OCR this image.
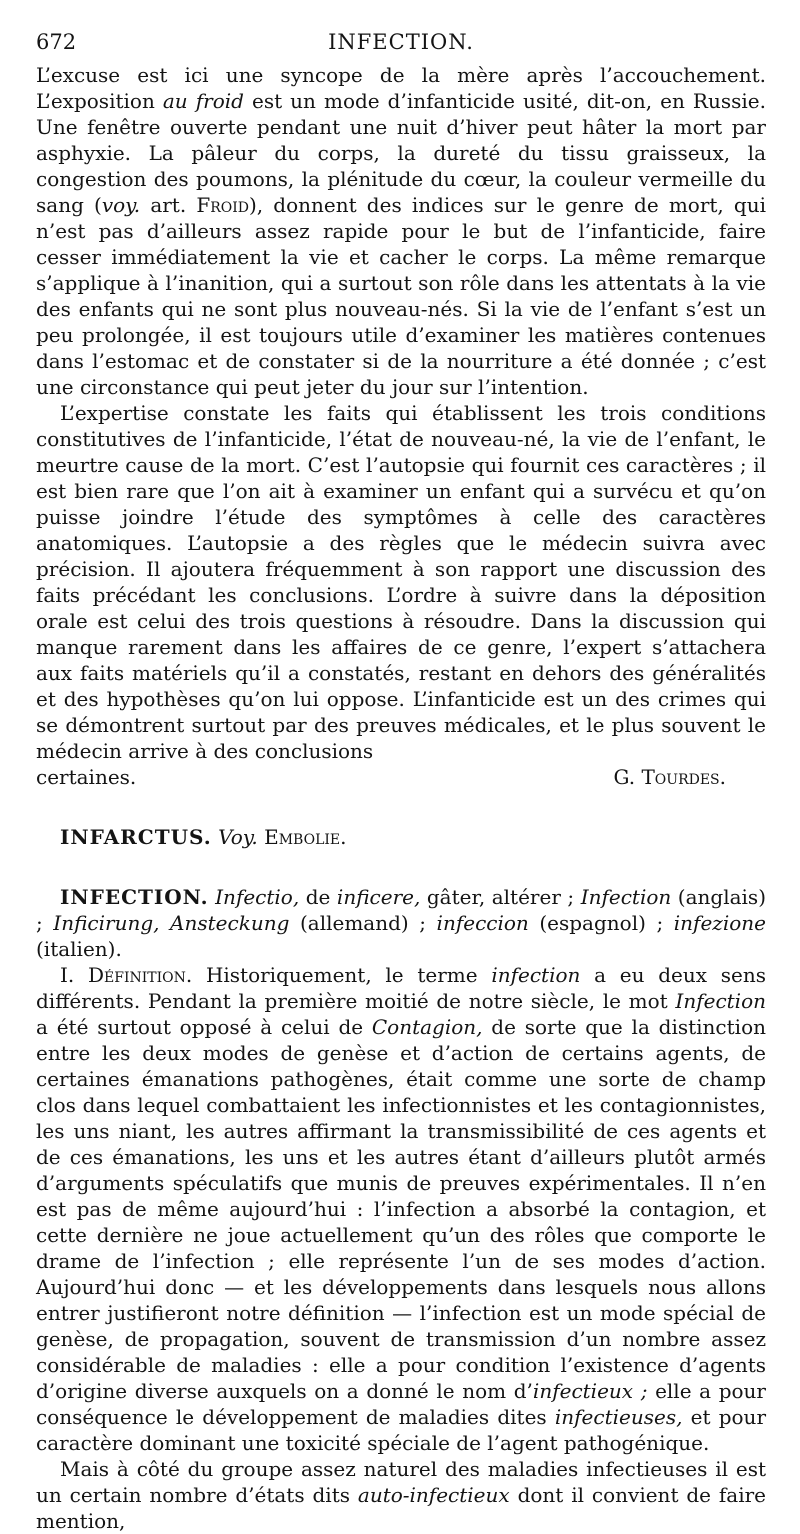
672	INFECTION.

L’excuse est ici une syncope de la mère après l’accouchement. L’exposition au froid est un mode d’infanticide usité, dit-on, en Russie. Une fenêtre ouverte pendant une nuit d’hiver peut hâter la mort par asphyxie. La pâleur du corps, la dureté du tissu graisseux, la congestion des poumons, la plénitude du cœur, la couleur vermeille du sang (voy. art. Froid), donnent des indices sur le genre de mort, qui n’est pas d’ailleurs assez rapide pour le but de l’infanticide, faire cesser immédiatement la vie et cacher le corps. La même remarque s’applique à l’inanition, qui a surtout son rôle dans les attentats à la vie des enfants qui ne sont plus nouveau-nés. Si la vie de l’enfant s’est un peu prolongée, il est toujours utile d’examiner les matières contenues dans l’estomac et de constater si de la nourriture a été donnée ; c’est une circonstance qui peut jeter du jour sur l’intention.

L’expertise constate les faits qui établissent les trois conditions constitutives de l’infanticide, l’état de nouveau-né, la vie de l’enfant, le meurtre cause de la mort. C’est l’autopsie qui fournit ces caractères ; il est bien rare que l’on ait à examiner un enfant qui a survécu et qu’on puisse joindre l’étude des symptômes à celle des caractères anatomiques. L’autopsie a des règles que le médecin suivra avec précision. Il ajoutera fréquemment à son rapport une discussion des faits précédant les conclusions. L’ordre à suivre dans la déposition orale est celui des trois questions à résoudre. Dans la discussion qui manque rarement dans les affaires de ce genre, l’expert s’attachera aux faits matériels qu’il a constatés, restant en dehors des généralités et des hypothèses qu’on lui oppose. L’infanticide est un des crimes qui se démontrent surtout par des preuves médicales, et le plus souvent le médecin arrive à des conclusions

certaines.	G. Tourdes.

INFARCTUS. Voy. Embolie.

INFECTION. Infectio, de inficere, gâter, altérer ; Infection (anglais) ; Inficirung, Ansteckung (allemand) ; infeccion (espagnol) ; infezione (italien).

I. Définition. Historiquement, le terme infection a eu deux sens différents. Pendant la première moitié de notre siècle, le mot Infection a été surtout opposé à celui de Contagion, de sorte que la distinction entre les deux modes de genèse et d’action de certains agents, de certaines émanations pathogènes, était comme une sorte de champ clos dans lequel combattaient les infectionnistes et les contagionnistes, les uns niant, les autres affirmant la transmissibilité de ces agents et de ces émanations, les uns et les autres étant d’ailleurs plutôt armés d’arguments spéculatifs que munis de preuves expérimentales. Il n’en est pas de même aujourd’hui : l’infection a absorbé la contagion, et cette dernière ne joue actuellement qu’un des rôles que comporte le drame de l’infection ; elle représente l’un de ses modes d’action. Aujourd’hui donc — et les développements dans lesquels nous allons entrer justifieront notre définition — l’infection est un mode spécial de genèse, de propagation, souvent de transmission d’un nombre assez considérable de maladies : elle a pour condition l’existence d’agents d’origine diverse auxquels on a donné le nom d’infectieux ; elle a pour conséquence le développement de maladies dites infectieuses, et pour caractère dominant une toxicité spéciale de l’agent pathogénique.

Mais à côté du groupe assez naturel des maladies infectieuses il est un certain nombre d’états dits auto-infectieux dont il convient de faire mention,
